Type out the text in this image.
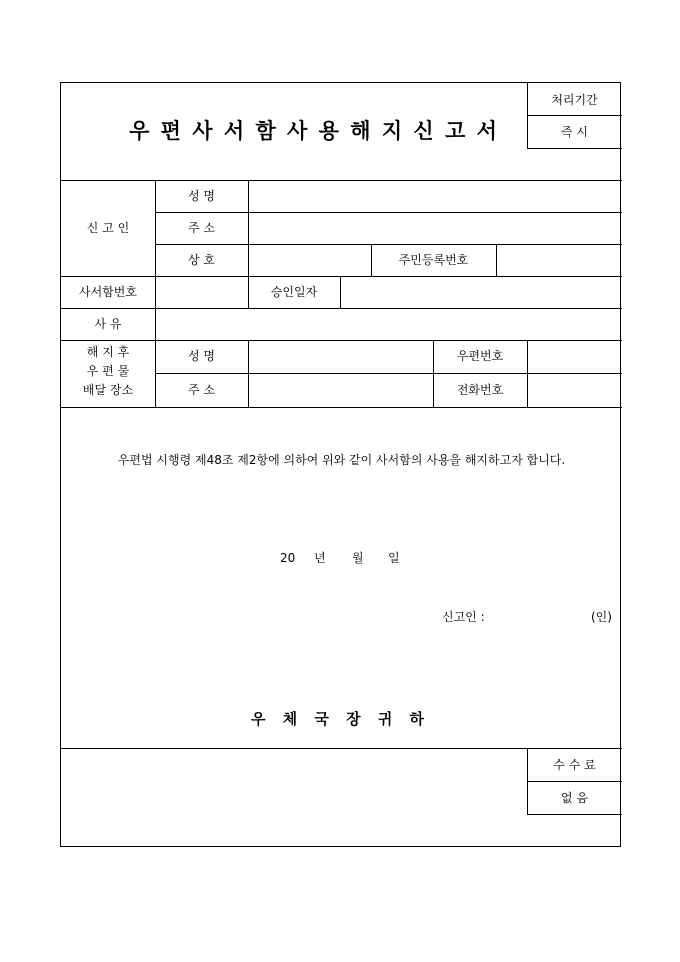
우 편 사 서 함 사 용 해 지 신 고 서
처리기간
즉 시
신 고 인
성 명
주 소
상 호	주민등록번호
사서함번호	승인일자
사 유
해 지 후
우 편 물
배달 장소
성 명	우편번호
주 소	전화번호
우편법 시행령 제48조 제2항에 의하여 위와 같이 사서함의 사용을 해지하고자 합니다.
20 년 월 일
신고인 :	(인)
우 체 국 장 귀 하
수 수 료
없 음
